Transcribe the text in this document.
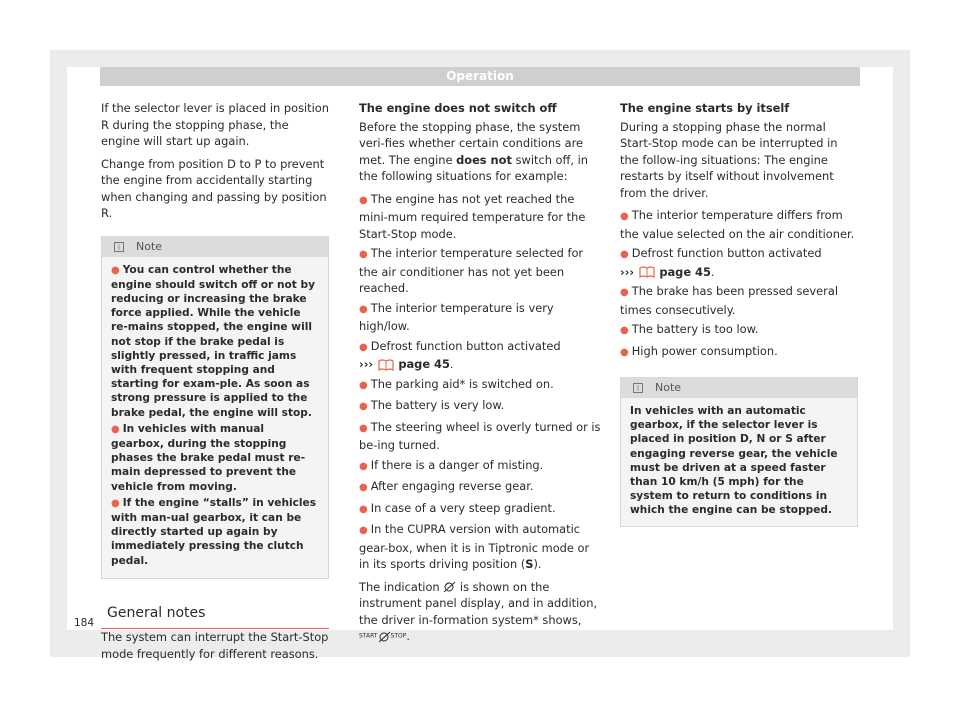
Operation

If the selector lever is placed in position R during the stopping phase, the engine will start up again.

Change from position D to P to prevent the engine from accidentally starting when changing and passing by position R.

i Note
● You can control whether the engine should switch off or not by reducing or increasing the brake force applied. While the vehicle re-mains stopped, the engine will not stop if the brake pedal is slightly pressed, in traffic jams with frequent stopping and starting for exam-ple. As soon as strong pressure is applied to the brake pedal, the engine will stop.
● In vehicles with manual gearbox, during the stopping phases the brake pedal must re-main depressed to prevent the vehicle from moving.
● If the engine “stalls” in vehicles with man-ual gearbox, it can be directly started up again by immediately pressing the clutch pedal.
General notes

The system can interrupt the Start-Stop mode frequently for different reasons.

The engine does not switch off

Before the stopping phase, the system veri-fies whether certain conditions are met. The engine does not switch off, in the following situations for example:

● The engine has not yet reached the mini-mum required temperature for the Start-Stop mode.
● The interior temperature selected for the air conditioner has not yet been reached.
● The interior temperature is very high/low.
● Defrost function button activated
››› page 45.
● The parking aid* is switched on.
● The battery is very low.
● The steering wheel is overly turned or is be-ing turned.
● If there is a danger of misting.
● After engaging reverse gear.
● In case of a very steep gradient.
● In the CUPRA version with automatic gear-box, when it is in Tiptronic mode or in its sports driving position (S).

The indication is shown on the instrument panel display, and in addition, the driver in-formation system* shows, START STOP.

The engine starts by itself

During a stopping phase the normal Start-Stop mode can be interrupted in the follow-ing situations: The engine restarts by itself without involvement from the driver.

● The interior temperature differs from the value selected on the air conditioner.
● Defrost function button activated
››› page 45.
● The brake has been pressed several times consecutively.
● The battery is too low.
● High power consumption.
i Note
In vehicles with an automatic gearbox, if the selector lever is placed in position D, N or S after engaging reverse gear, the vehicle must be driven at a speed faster than 10 km/h (5 mph) for the system to return to conditions in which the engine can be stopped.
184
